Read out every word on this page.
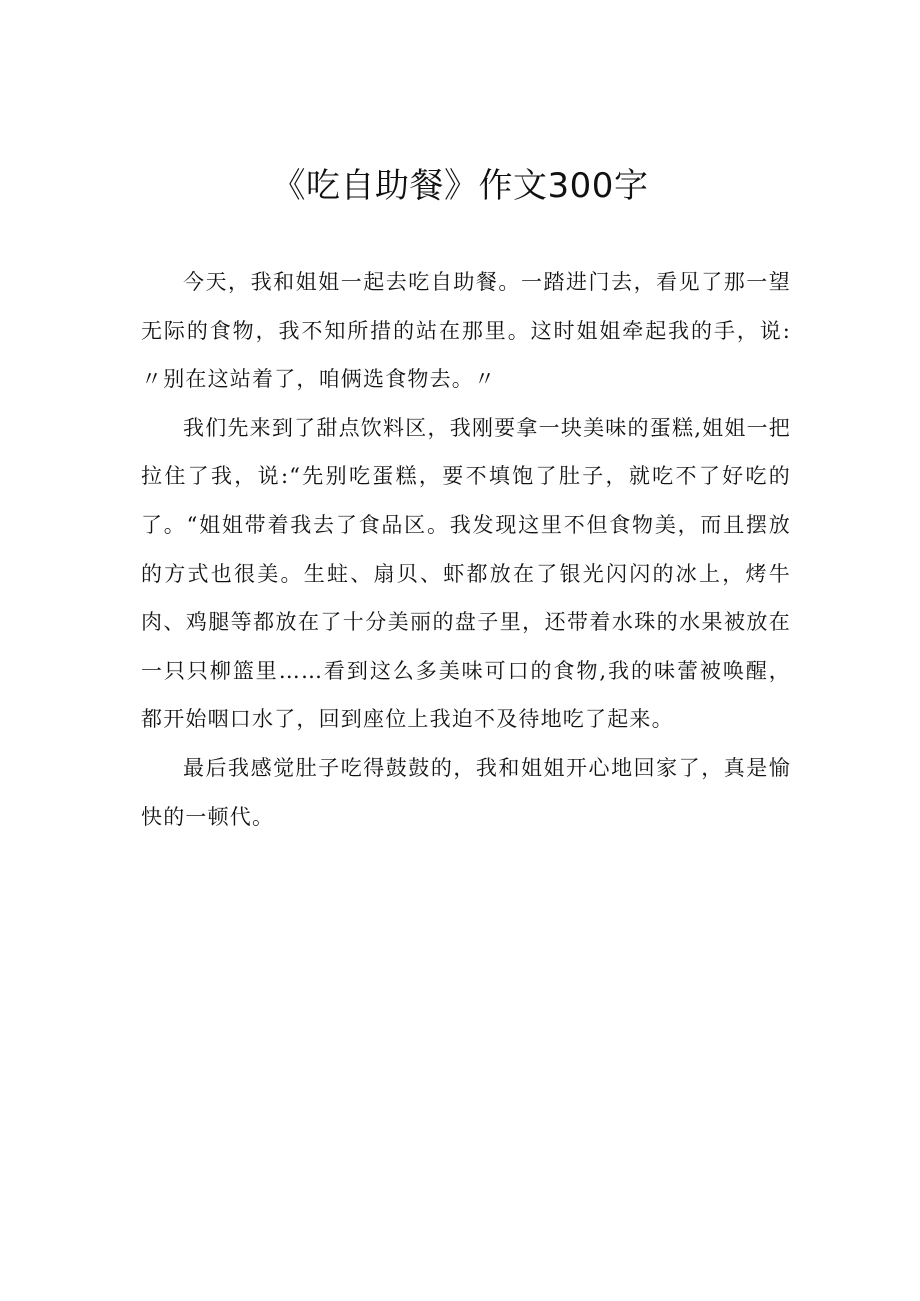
《吃自助餐》作文300字

今天，我和姐姐一起去吃自助餐。一踏进门去，看见了那一望无际的食物，我不知所措的站在那里。这时姐姐牵起我的手，说:〃别在这站着了，咱俩选食物去。〃

我们先来到了甜点饮料区，我刚要拿一块美味的蛋糕,姐姐一把拉住了我，说:“先别吃蛋糕，要不填饱了肚子，就吃不了好吃的了。“姐姐带着我去了食品区。我发现这里不但食物美，而且摆放的方式也很美。生蛀、扇贝、虾都放在了银光闪闪的冰上，烤牛肉、鸡腿等都放在了十分美丽的盘子里，还带着水珠的水果被放在一只只柳篮里……看到这么多美味可口的食物,我的味蕾被唤醒，都开始咽口水了，回到座位上我迫不及待地吃了起来。

最后我感觉肚子吃得鼓鼓的，我和姐姐开心地回家了，真是愉快的一顿代。
